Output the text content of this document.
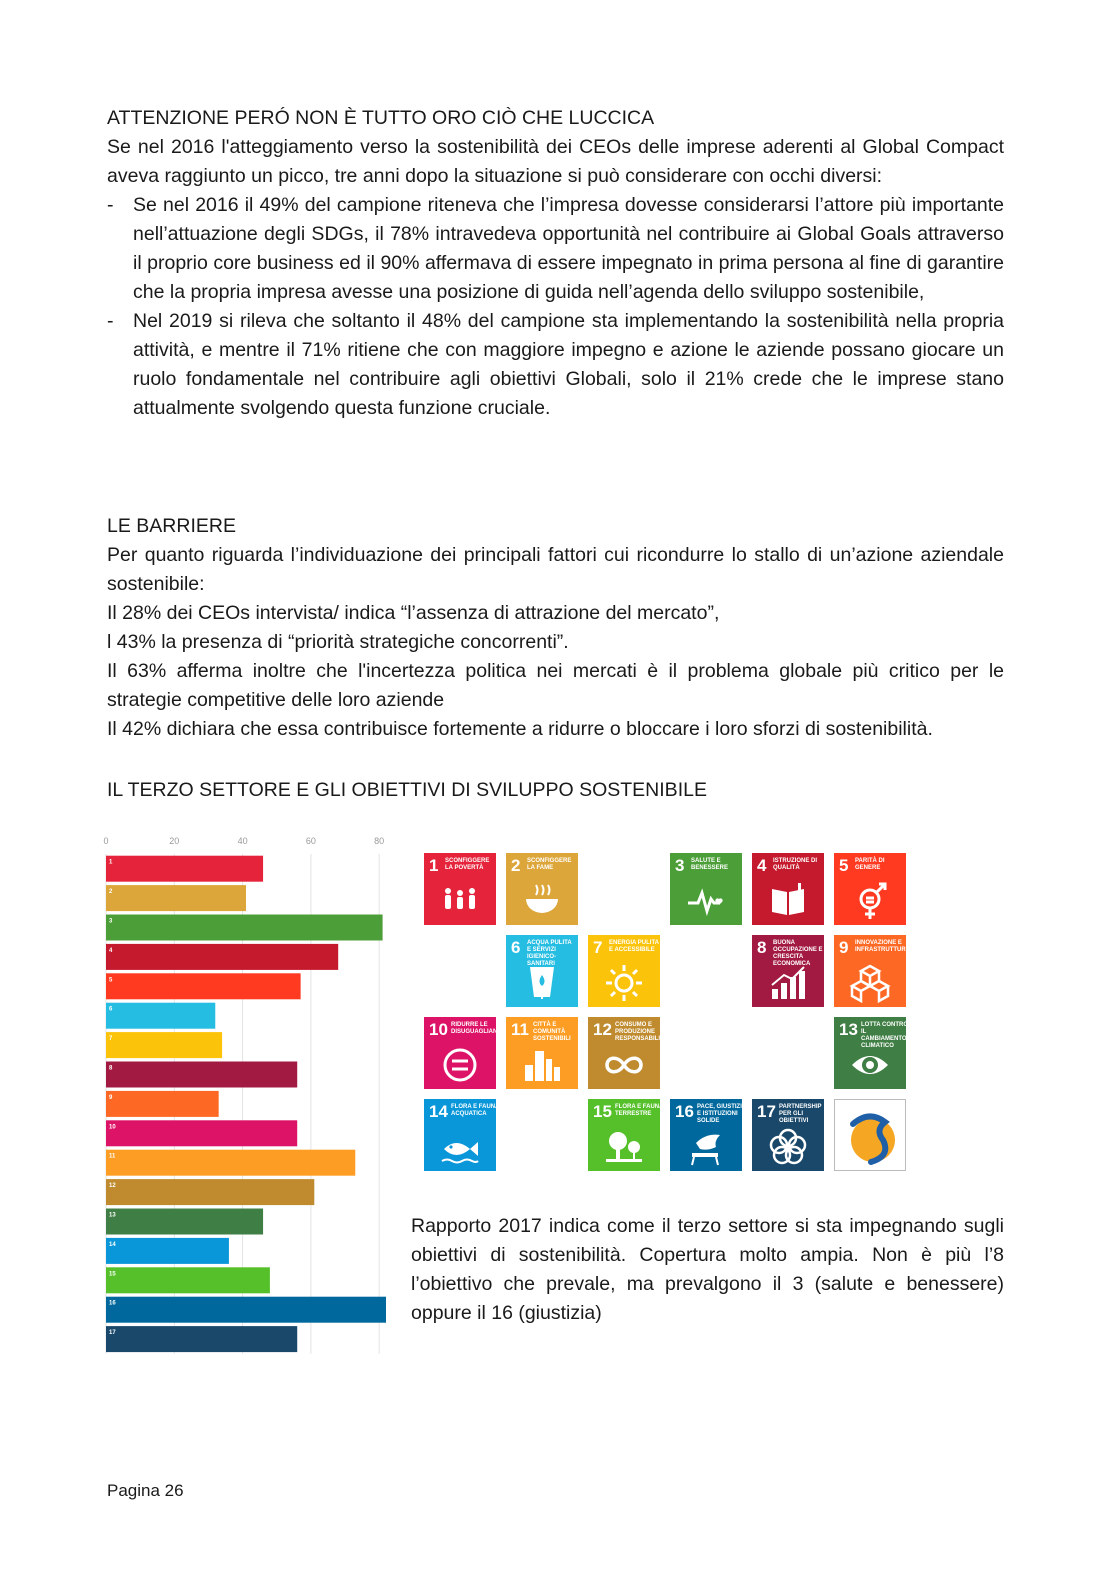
ATTENZIONE PERÓ NON È TUTTO ORO CIÒ CHE LUCCICA
Se nel 2016 l'atteggiamento verso la sostenibilità dei CEOs delle imprese aderenti al Global Compact aveva raggiunto un picco, tre anni dopo la situazione si può considerare con occhi diversi:
- Se nel 2016 il 49% del campione riteneva che l’impresa dovesse considerarsi l’attore più importante nell’attuazione degli SDGs, il 78% intravedeva opportunità nel contribuire ai Global Goals attraverso il proprio core business ed il 90% affermava di essere impegnato in prima persona al fine di garantire che la propria impresa avesse una posizione di guida nell’agenda dello sviluppo sostenibile,
- Nel 2019 si rileva che soltanto il 48% del campione sta implementando la sostenibilità nella propria attività, e mentre il 71% ritiene che con maggiore impegno e azione le aziende possano giocare un ruolo fondamentale nel contribuire agli obiettivi Globali, solo il 21% crede che le imprese stano attualmente svolgendo questa funzione cruciale.
LE BARRIERE
Per quanto riguarda l’individuazione dei principali fattori cui ricondurre lo stallo di un’azione aziendale sostenibile:
Il 28% dei CEOs intervista/ indica “l’assenza di attrazione del mercato”,
l 43% la presenza di “priorità strategiche concorrenti”.
Il 63% afferma inoltre che l'incertezza politica nei mercati è il problema globale più critico per le strategie competitive delle loro aziende
Il 42% dichiara che essa contribuisce fortemente a ridurre o bloccare i loro sforzi di sostenibilità.
IL TERZO SETTORE E GLI OBIETTIVI DI SVILUPPO SOSTENIBILE
0	20	40	60	80
1
2
3
4
5
6
7
8
9
10
11
12
13
14
15
16
17
1 SCONFIGGERE LA POVERTÀ	2 SCONFIGGERE LA FAME	3 SALUTE E BENESSERE	4 ISTRUZIONE DI QUALITÀ	5 PARITÀ DI GENERE
6 ACQUA PULITA E SERVIZI IGIENICO-SANITARI
7 ENERGIA PULITA E ACCESSIBILE	8 BUONA OCCUPAZIONE E CRESCITA ECONOMICA
9 INNOVAZIONE E INFRASTRUTTURE
10 RIDURRE LE DISUGUAGLIANZE 11 CITTÀ E COMUNITÀ SOSTENIBILI	12 CONSUMO E PRODUZIONE RESPONSABILI	13 LOTTA CONTRO IL CAMBIAMENTO CLIMATICO
14 FLORA E FAUNA ACQUATICA	15 FLORA E FAUNA TERRESTRE	16 PACE, GIUSTIZIA E ISTITUZIONI SOLIDE	17 PARTNERSHIP PER GLI OBIETTIVI
Rapporto 2017 indica come il terzo settore si sta impegnando sugli obiettivi di sostenibilità. Copertura molto ampia. Non è più l’8 l’obiettivo che prevale, ma prevalgono il 3 (salute e benessere) oppure il 16 (giustizia)
Pagina 26
